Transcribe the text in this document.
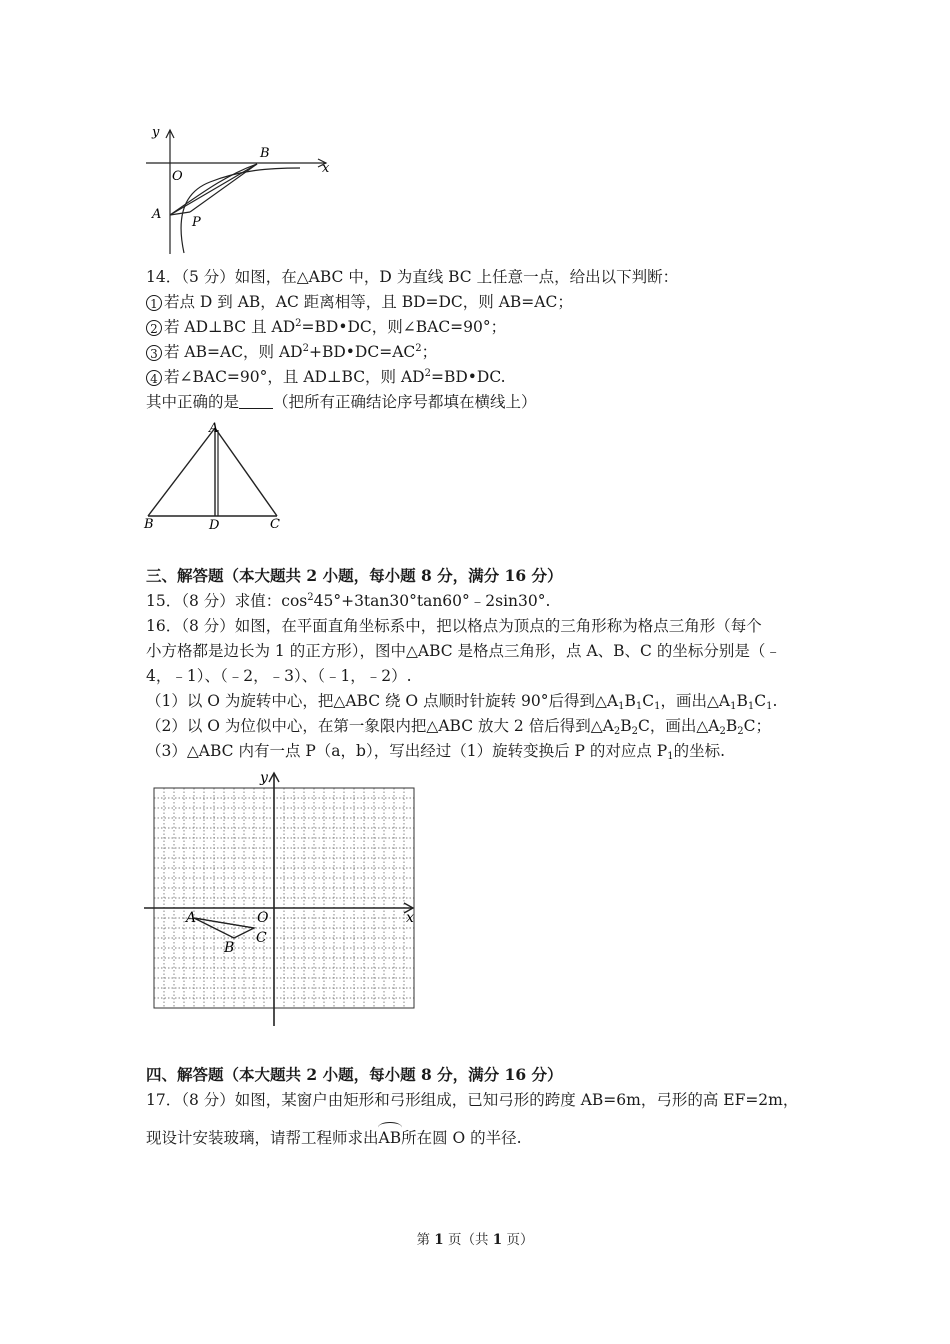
y
x
O
B
A
P
14．（5 分）如图，在△ABC 中，D 为直线 BC 上任意一点，给出以下判断：
1 若点 D 到 AB，AC 距离相等，且 BD=DC，则 AB=AC；
2 若 AD⊥BC 且 $AD^2=BD•DC$，则∠BAC=90°；
3 若 AB=AC，则 $AD^2+BD•DC=AC^2$；
4 若∠BAC=90°，且 AD⊥BC，则 $AD^2=BD•DC$.
其中正确的是 （把所有正确结论序号都填在横线上）
A
B	D	C
三、解答题（本大题共 2 小题，每小题 8 分，满分 16 分）
15．（8 分）求值：$\cos^245^\circ+3\tan 30^\circ\tan 60^\circ﹣2\sin 30^\circ$.
16．（8 分）如图，在平面直角坐标系中，把以格点为顶点的三角形称为格点三角形（每个
小方格都是边长为 1 的正方形），图中△ABC 是格点三角形，点 A、B、C 的坐标分别是（﹣
4，﹣1）、（﹣2，﹣3）、（﹣1，﹣2）.
（1）以 O 为旋转中心，把△ABC 绕 O 点顺时针旋转 90°后得到$\triangle A_1B_1C_1$，画出$\triangle A_1B_1C_1$.
（2）以 O 为位似中心，在第一象限内把△ABC 放大 2 倍后得到$\triangle A_2B_2C$，画出$\triangle A_2B_2C$；
（3）△ABC 内有一点 P（a，b），写出经过（1）旋转变换后 P 的对应点 $P_1$的坐标.
y
x
O
A
B
C
四、解答题（本大题共 2 小题，每小题 8 分，满分 16 分）
17．（8 分）如图，某窗户由矩形和弓形组成，已知弓形的跨度 AB=6m，弓形的高 EF=2m，
现设计安装玻璃，请帮工程师求出AB所在圆 O 的半径.
第 1 页（共 1 页）
